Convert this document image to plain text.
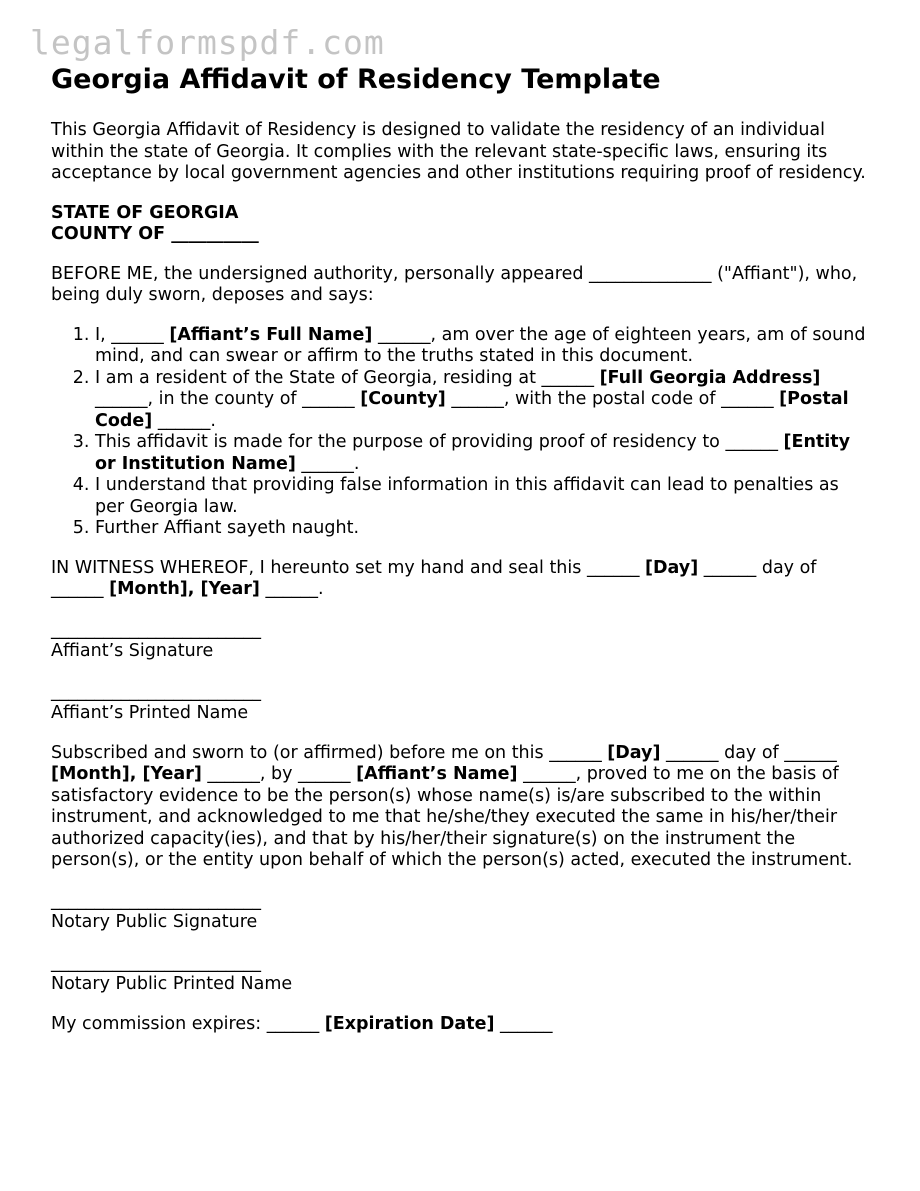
legalformspdf.com
Georgia Affidavit of Residency Template

This Georgia Affidavit of Residency is designed to validate the residency of an individual within the state of Georgia. It complies with the relevant state-specific laws, ensuring its acceptance by local government agencies and other institutions requiring proof of residency.

STATE OF GEORGIA
COUNTY OF __________

BEFORE ME, the undersigned authority, personally appeared ______________ ("Affiant"), who, being duly sworn, deposes and says:

1. I, ______ [Affiant’s Full Name] ______, am over the age of eighteen years, am of sound mind, and can swear or affirm to the truths stated in this document.
2. I am a resident of the State of Georgia, residing at ______ [Full Georgia Address] ______, in the county of ______ [County] ______, with the postal code of ______ [Postal Code] ______.
3. This affidavit is made for the purpose of providing proof of residency to ______ [Entity or Institution Name] ______.
4. I understand that providing false information in this affidavit can lead to penalties as per Georgia law.
5. Further Affiant sayeth naught.

IN WITNESS WHEREOF, I hereunto set my hand and seal this ______ [Day] ______ day of ______ [Month], [Year] ______.

________________________
Affiant’s Signature
________________________
Affiant’s Printed Name

Subscribed and sworn to (or affirmed) before me on this ______ [Day] ______ day of ______ [Month], [Year] ______, by ______ [Affiant’s Name] ______, proved to me on the basis of satisfactory evidence to be the person(s) whose name(s) is/are subscribed to the within instrument, and acknowledged to me that he/she/they executed the same in his/her/their authorized capacity(ies), and that by his/her/their signature(s) on the instrument the person(s), or the entity upon behalf of which the person(s) acted, executed the instrument.

________________________
Notary Public Signature
________________________
Notary Public Printed Name

My commission expires: ______ [Expiration Date] ______
